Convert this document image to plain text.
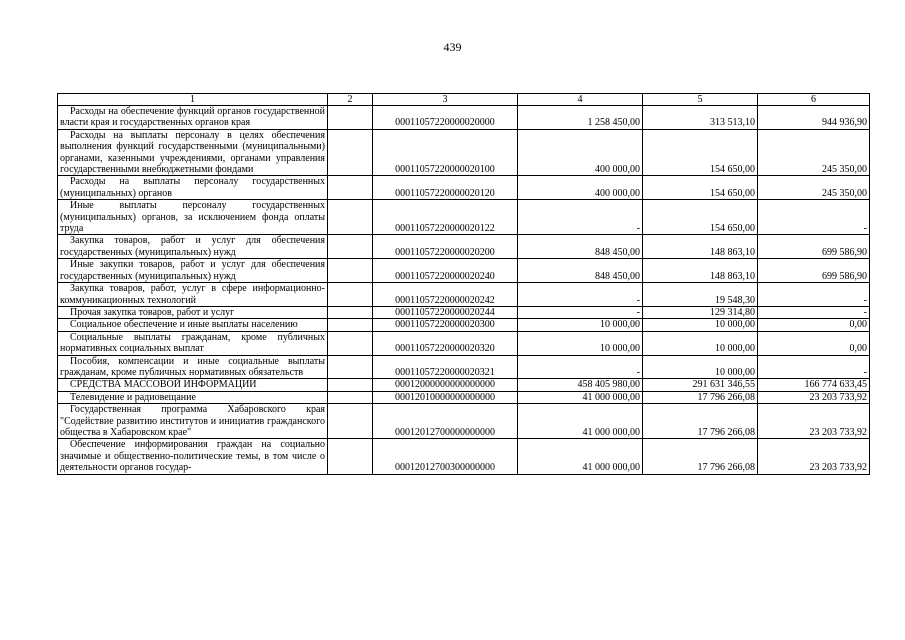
439
1	2	3	4	5	6
Расходы на обеспечение функций органов государственной власти края и государственных органов края		00011057220000020000	1 258 450,00	313 513,10	944 936,90
Расходы на выплаты персоналу в целях обеспечения выполнения функций государственными (муниципальными) органами, казенными учреждениями, органами управления государственными внебюджетными фондами		00011057220000020100	400 000,00	154 650,00	245 350,00
Расходы на выплаты персоналу государственных (муниципальных) органов		00011057220000020120	400 000,00	154 650,00	245 350,00
Иные выплаты персоналу государственных (муниципальных) органов, за исключением фонда оплаты труда		00011057220000020122	-	154 650,00	-
Закупка товаров, работ и услуг для обеспечения государственных (муниципальных) нужд		00011057220000020200	848 450,00	148 863,10	699 586,90
Иные закупки товаров, работ и услуг для обеспечения государственных (муниципальных) нужд		00011057220000020240	848 450,00	148 863,10	699 586,90
Закупка товаров, работ, услуг в сфере информационно-коммуникационных технологий		00011057220000020242	-	19 548,30	-
Прочая закупка товаров, работ и услуг		00011057220000020244	-	129 314,80	-
Социальное обеспечение и иные выплаты населению		00011057220000020300	10 000,00	10 000,00	0,00
Социальные выплаты гражданам, кроме публичных нормативных социальных выплат		00011057220000020320	10 000,00	10 000,00	0,00
Пособия, компенсации и иные социальные выплаты гражданам, кроме публичных нормативных обязательств		00011057220000020321	-	10 000,00	-
СРЕДСТВА МАССОВОЙ ИНФОРМАЦИИ		00012000000000000000	458 405 980,00	291 631 346,55	166 774 633,45
Телевидение и радиовещание		00012010000000000000	41 000 000,00	17 796 266,08	23 203 733,92
Государственная программа Хабаровского края "Содействие развитию институтов и инициатив гражданского общества в Хабаровском крае"		00012012700000000000	41 000 000,00	17 796 266,08	23 203 733,92
Обеспечение информирования граждан на социально значимые и общественно-политические темы, в том числе о деятельности органов государ-		00012012700300000000	41 000 000,00	17 796 266,08	23 203 733,92
